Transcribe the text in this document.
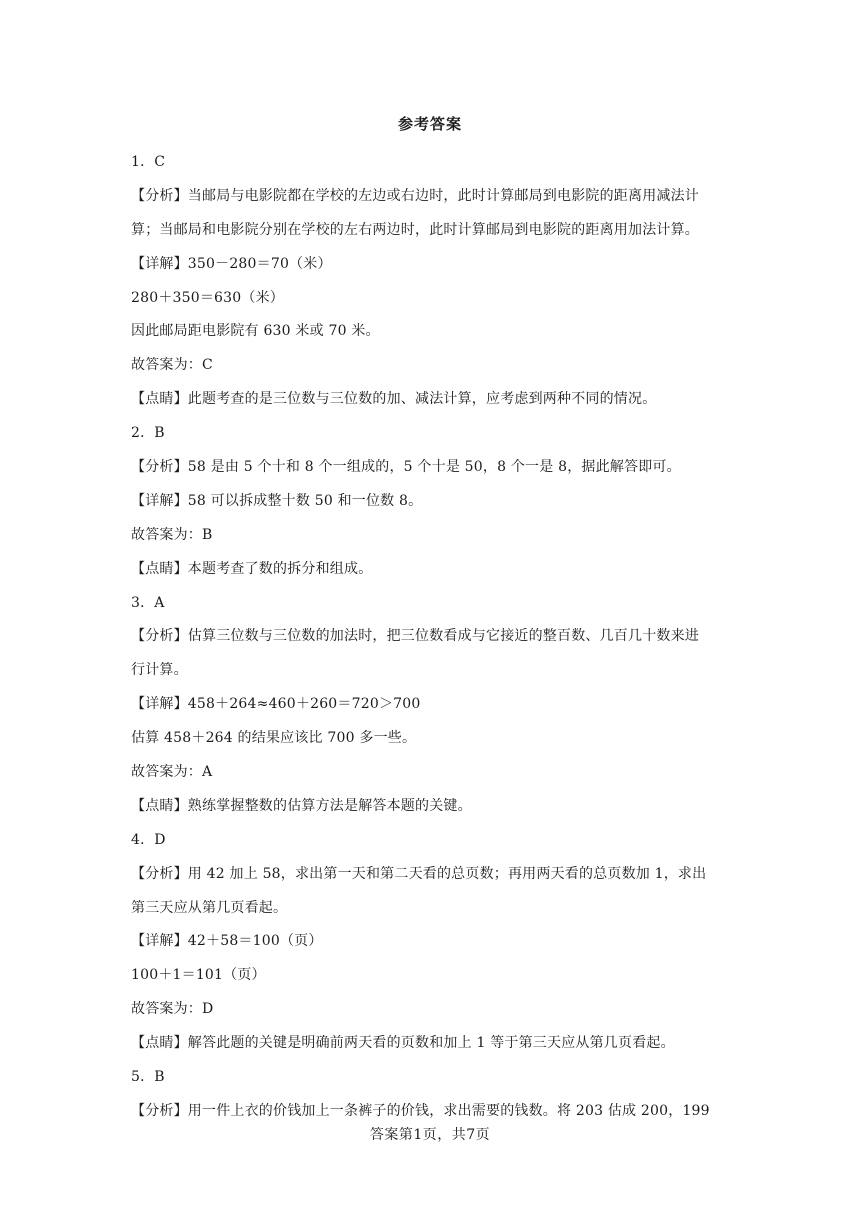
参考答案
1．C
【分析】当邮局与电影院都在学校的左边或右边时，此时计算邮局到电影院的距离用减法计
算；当邮局和电影院分别在学校的左右两边时，此时计算邮局到电影院的距离用加法计算。
【详解】350－280＝70（米）
280＋350＝630（米）
因此邮局距电影院有 630 米或 70 米。
故答案为：C
【点睛】此题考查的是三位数与三位数的加、减法计算，应考虑到两种不同的情况。
2．B
【分析】58 是由 5 个十和 8 个一组成的，5 个十是 50，8 个一是 8，据此解答即可。
【详解】58 可以拆成整十数 50 和一位数 8。
故答案为：B
【点睛】本题考查了数的拆分和组成。
3．A
【分析】估算三位数与三位数的加法时，把三位数看成与它接近的整百数、几百几十数来进
行计算。
【详解】458＋264≈460＋260＝720＞700
估算 458＋264 的结果应该比 700 多一些。
故答案为：A
【点睛】熟练掌握整数的估算方法是解答本题的关键。
4．D
【分析】用 42 加上 58，求出第一天和第二天看的总页数；再用两天看的总页数加 1，求出
第三天应从第几页看起。
【详解】42＋58＝100（页）
100＋1＝101（页）
故答案为：D
【点睛】解答此题的关键是明确前两天看的页数和加上 1 等于第三天应从第几页看起。
5．B
【分析】用一件上衣的价钱加上一条裤子的价钱，求出需要的钱数。将 203 估成 200，199
答案第1页，共7页
